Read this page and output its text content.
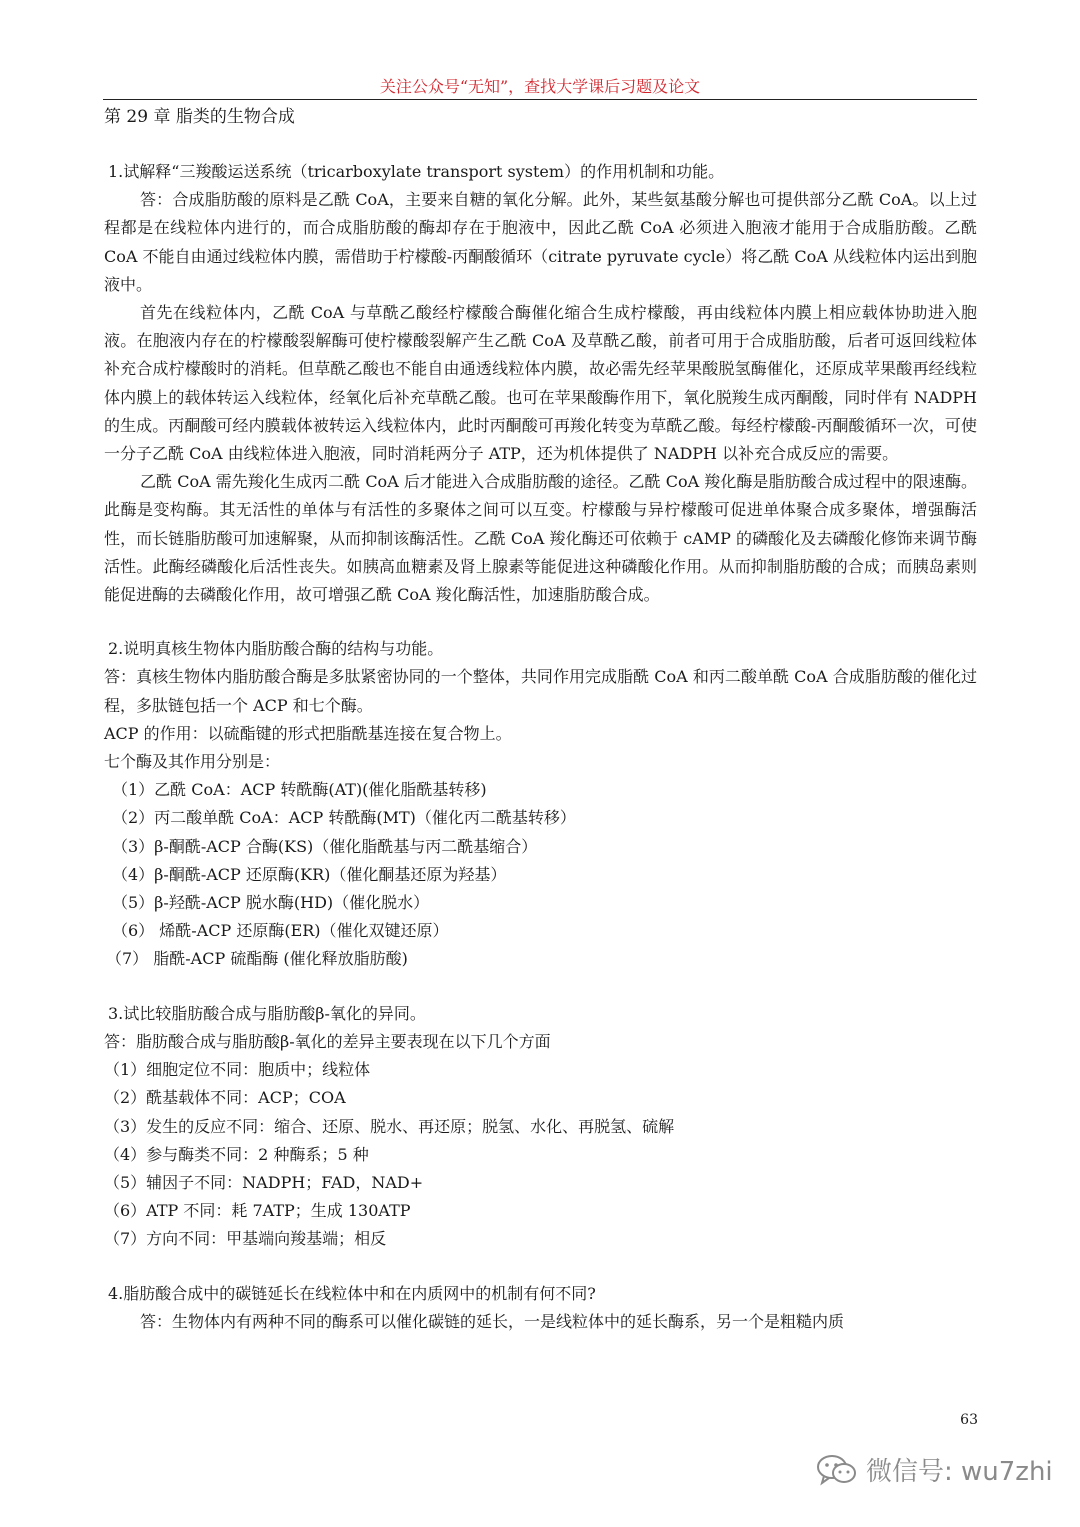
关注公众号“无知”，查找大学课后习题及论文
第 29 章 脂类的生物合成

1.试解释“三羧酸运送系统（tricarboxylate transport system）的作用机制和功能。

答：合成脂肪酸的原料是乙酰 CoA，主要来自糖的氧化分解。此外，某些氨基酸分解也可提供部分乙酰 CoA。以上过程都是在线粒体内进行的，而合成脂肪酸的酶却存在于胞液中，因此乙酰 CoA 必须进入胞液才能用于合成脂肪酸。乙酰 CoA 不能自由通过线粒体内膜，需借助于柠檬酸-丙酮酸循环（citrate pyruvate cycle）将乙酰 CoA 从线粒体内运出到胞液中。

首先在线粒体内，乙酰 CoA 与草酰乙酸经柠檬酸合酶催化缩合生成柠檬酸，再由线粒体内膜上相应载体协助进入胞液。在胞液内存在的柠檬酸裂解酶可使柠檬酸裂解产生乙酰 CoA 及草酰乙酸，前者可用于合成脂肪酸，后者可返回线粒体补充合成柠檬酸时的消耗。但草酰乙酸也不能自由通透线粒体内膜，故必需先经苹果酸脱氢酶催化，还原成苹果酸再经线粒体内膜上的载体转运入线粒体，经氧化后补充草酰乙酸。也可在苹果酸酶作用下，氧化脱羧生成丙酮酸，同时伴有 NADPH 的生成。丙酮酸可经内膜载体被转运入线粒体内，此时丙酮酸可再羧化转变为草酰乙酸。每经柠檬酸-丙酮酸循环一次，可使一分子乙酰 CoA 由线粒体进入胞液，同时消耗两分子 ATP，还为机体提供了 NADPH 以补充合成反应的需要。

乙酰 CoA 需先羧化生成丙二酰 CoA 后才能进入合成脂肪酸的途径。乙酰 CoA 羧化酶是脂肪酸合成过程中的限速酶。此酶是变构酶。其无活性的单体与有活性的多聚体之间可以互变。柠檬酸与异柠檬酸可促进单体聚合成多聚体，增强酶活性，而长链脂肪酸可加速解聚，从而抑制该酶活性。乙酰 CoA 羧化酶还可依赖于 cAMP 的磷酸化及去磷酸化修饰来调节酶活性。此酶经磷酸化后活性丧失。如胰高血糖素及肾上腺素等能促进这种磷酸化作用。从而抑制脂肪酸的合成；而胰岛素则能促进酶的去磷酸化作用，故可增强乙酰 CoA 羧化酶活性，加速脂肪酸合成。

2.说明真核生物体内脂肪酸合酶的结构与功能。

答：真核生物体内脂肪酸合酶是多肽紧密协同的一个整体，共同作用完成脂酰 CoA 和丙二酸单酰 CoA 合成脂肪酸的催化过程，多肽链包括一个 ACP 和七个酶。

ACP 的作用：以硫酯键的形式把脂酰基连接在复合物上。

七个酶及其作用分别是：

（1）乙酰 CoA：ACP 转酰酶(AT)(催化脂酰基转移)

（2）丙二酸单酰 CoA：ACP 转酰酶(MT)（催化丙二酰基转移）

（3）β-酮酰-ACP 合酶(KS)（催化脂酰基与丙二酰基缩合）

（4）β-酮酰-ACP 还原酶(KR)（催化酮基还原为羟基）

（5）β-羟酰-ACP 脱水酶(HD)（催化脱水）

（6） 烯酰-ACP 还原酶(ER)（催化双键还原）

（7） 脂酰-ACP 硫酯酶 (催化释放脂肪酸)

3.试比较脂肪酸合成与脂肪酸β-氧化的异同。

答：脂肪酸合成与脂肪酸β-氧化的差异主要表现在以下几个方面

（1）细胞定位不同：胞质中；线粒体

（2）酰基载体不同：ACP；COA

（3）发生的反应不同：缩合、还原、脱水、再还原；脱氢、水化、再脱氢、硫解

（4）参与酶类不同：2 种酶系；5 种

（5）辅因子不同：NADPH；FAD，NAD+

（6）ATP 不同：耗 7ATP；生成 130ATP

（7）方向不同：甲基端向羧基端；相反

4.脂肪酸合成中的碳链延长在线粒体中和在内质网中的机制有何不同?

答：生物体内有两种不同的酶系可以催化碳链的延长，一是线粒体中的延长酶系，另一个是粗糙内质

63
微信号: wu7zhi
